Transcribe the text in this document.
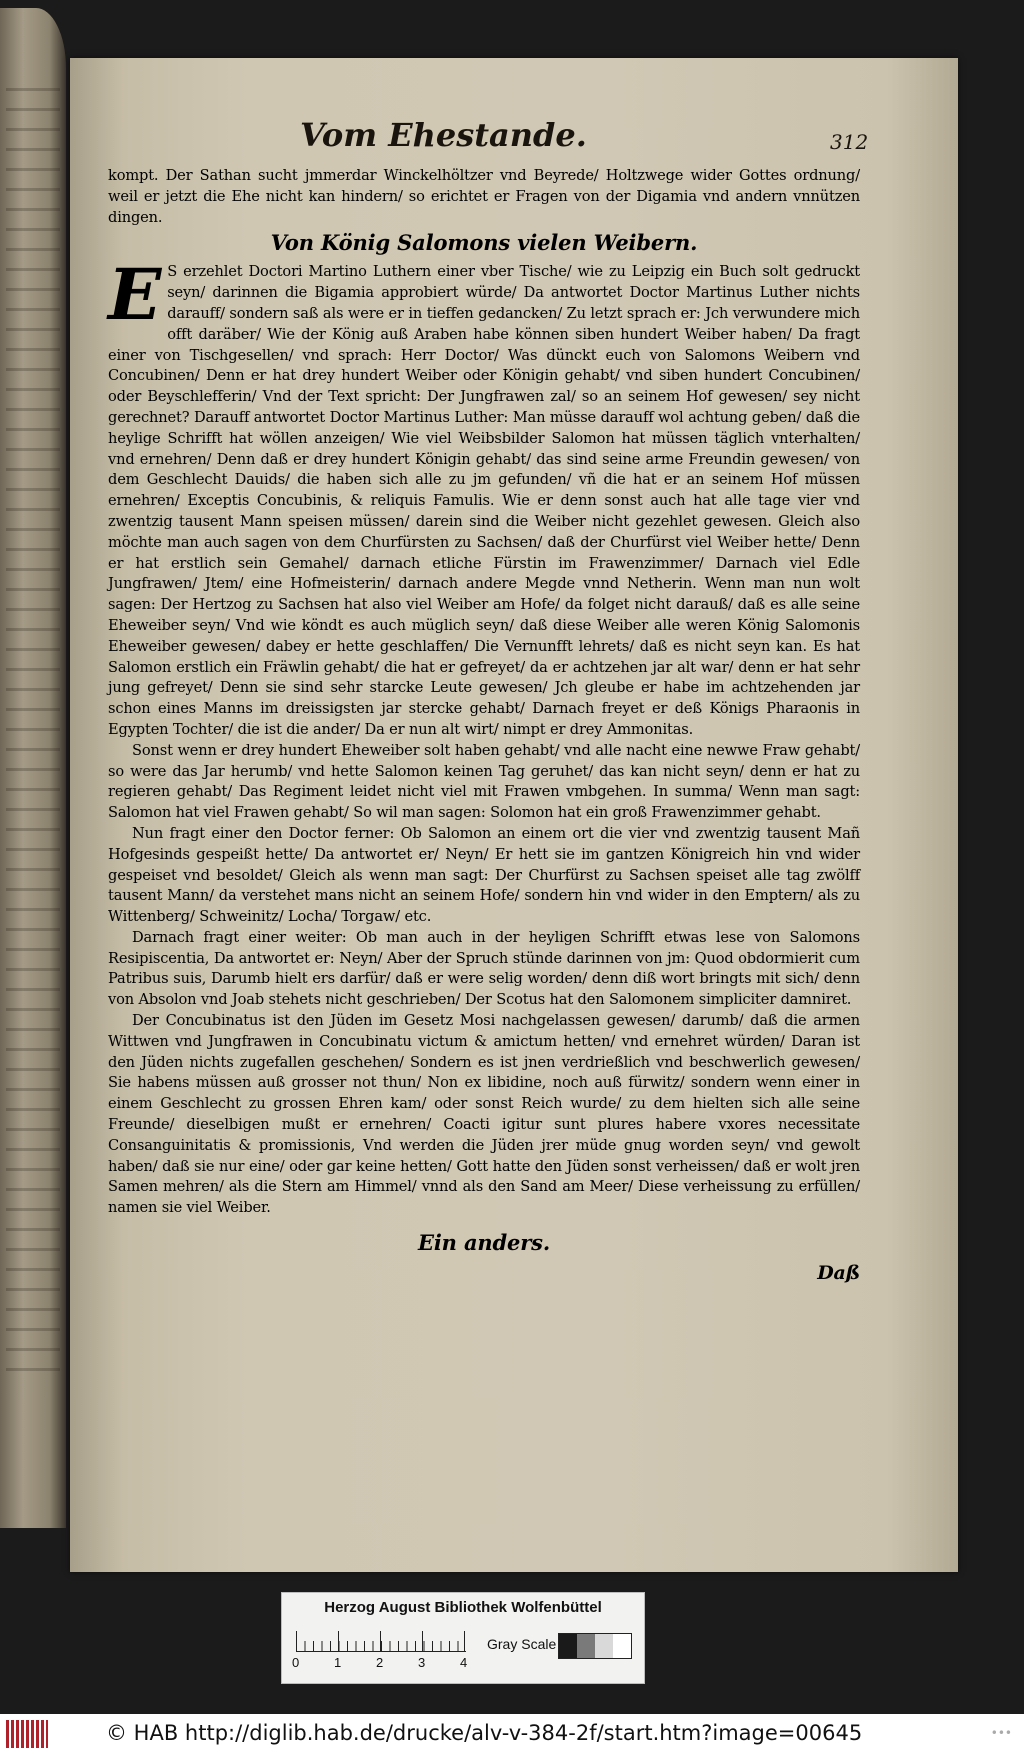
Vom Ehestande.	312

kompt. Der Sathan sucht jmmerdar Winckelhöltzer vnd Beyrede/ Holtzwege wider Gottes ordnung/ weil er jetzt die Ehe nicht kan hindern/ so erichtet er Fragen von der Digamia vnd andern vnnützen dingen.

Von König Salomons vielen Weibern.

E S erzehlet Doctori Martino Luthern einer vber Tische/ wie zu Leipzig ein Buch solt gedruckt seyn/ darinnen die Bigamia approbiert würde/ Da antwortet Doctor Martinus Luther nichts darauff/ sondern saß als were er in tieffen gedancken/ Zu letzt sprach er: Jch verwundere mich offt daräber/ Wie der König auß Araben habe können siben hundert Weiber haben/ Da fragt einer von Tischgesellen/ vnd sprach: Herr Doctor/ Was dünckt euch von Salomons Weibern vnd Concubinen/ Denn er hat drey hundert Weiber oder Königin gehabt/ vnd siben hundert Concubinen/ oder Beyschlefferin/ Vnd der Text spricht: Der Jungfrawen zal/ so an seinem Hof gewesen/ sey nicht gerechnet? Darauff antwortet Doctor Martinus Luther: Man müsse darauff wol achtung geben/ daß die heylige Schrifft hat wöllen anzeigen/ Wie viel Weibsbilder Salomon hat müssen täglich vnterhalten/ vnd ernehren/ Denn daß er drey hundert Königin gehabt/ das sind seine arme Freundin gewesen/ von dem Geschlecht Dauids/ die haben sich alle zu jm gefunden/ vñ die hat er an seinem Hof müssen ernehren/ Exceptis Concubinis, & reliquis Famulis. Wie er denn sonst auch hat alle tage vier vnd zwentzig tausent Mann speisen müssen/ darein sind die Weiber nicht gezehlet gewesen. Gleich also möchte man auch sagen von dem Churfürsten zu Sachsen/ daß der Churfürst viel Weiber hette/ Denn er hat erstlich sein Gemahel/ darnach etliche Fürstin im Frawenzimmer/ Darnach viel Edle Jungfrawen/ Jtem/ eine Hofmeisterin/ darnach andere Megde vnnd Netherin. Wenn man nun wolt sagen: Der Hertzog zu Sachsen hat also viel Weiber am Hofe/ da folget nicht darauß/ daß es alle seine Eheweiber seyn/ Vnd wie köndt es auch müglich seyn/ daß diese Weiber alle weren König Salomonis Eheweiber gewesen/ dabey er hette geschlaffen/ Die Vernunfft lehrets/ daß es nicht seyn kan. Es hat Salomon erstlich ein Fräwlin gehabt/ die hat er gefreyet/ da er achtzehen jar alt war/ denn er hat sehr jung gefreyet/ Denn sie sind sehr starcke Leute gewesen/ Jch gleube er habe im achtzehenden jar schon eines Manns im dreissigsten jar stercke gehabt/ Darnach freyet er deß Königs Pharaonis in Egypten Tochter/ die ist die ander/ Da er nun alt wirt/ nimpt er drey Ammonitas.

Sonst wenn er drey hundert Eheweiber solt haben gehabt/ vnd alle nacht eine newwe Fraw gehabt/ so were das Jar herumb/ vnd hette Salomon keinen Tag geruhet/ das kan nicht seyn/ denn er hat zu regieren gehabt/ Das Regiment leidet nicht viel mit Frawen vmbgehen. In summa/ Wenn man sagt: Salomon hat viel Frawen gehabt/ So wil man sagen: Solomon hat ein groß Frawenzimmer gehabt.

Nun fragt einer den Doctor ferner: Ob Salomon an einem ort die vier vnd zwentzig tausent Mañ Hofgesinds gespeißt hette/ Da antwortet er/ Neyn/ Er hett sie im gantzen Königreich hin vnd wider gespeiset vnd besoldet/ Gleich als wenn man sagt: Der Churfürst zu Sachsen speiset alle tag zwölff tausent Mann/ da verstehet mans nicht an seinem Hofe/ sondern hin vnd wider in den Emptern/ als zu Wittenberg/ Schweinitz/ Locha/ Torgaw/ etc.

Darnach fragt einer weiter: Ob man auch in der heyligen Schrifft etwas lese von Salomons Resipiscentia, Da antwortet er: Neyn/ Aber der Spruch stünde darinnen von jm: Quod obdormierit cum Patribus suis, Darumb hielt ers darfür/ daß er were selig worden/ denn diß wort bringts mit sich/ denn von Absolon vnd Joab stehets nicht geschrieben/ Der Scotus hat den Salomonem simpliciter damniret.

Der Concubinatus ist den Jüden im Gesetz Mosi nachgelassen gewesen/ darumb/ daß die armen Wittwen vnd Jungfrawen in Concubinatu victum & amictum hetten/ vnd ernehret würden/ Daran ist den Jüden nichts zugefallen geschehen/ Sondern es ist jnen verdrießlich vnd beschwerlich gewesen/ Sie habens müssen auß grosser not thun/ Non ex libidine, noch auß fürwitz/ sondern wenn einer in einem Geschlecht zu grossen Ehren kam/ oder sonst Reich wurde/ zu dem hielten sich alle seine Freunde/ dieselbigen mußt er ernehren/ Coacti igitur sunt plures habere vxores necessitate Consanguinitatis & promissionis, Vnd werden die Jüden jrer müde gnug worden seyn/ vnd gewolt haben/ daß sie nur eine/ oder gar keine hetten/ Gott hatte den Jüden sonst verheissen/ daß er wolt jren Samen mehren/ als die Stern am Himmel/ vnnd als den Sand am Meer/ Diese verheissung zu erfüllen/ namen sie viel Weiber.

Ein anders.
Daß
Herzog August Bibliothek Wolfenbüttel
0	1	2	3	4
Gray Scale
© HAB http://diglib.hab.de/drucke/alv-v-384-2f/start.htm?image=00645	•••
